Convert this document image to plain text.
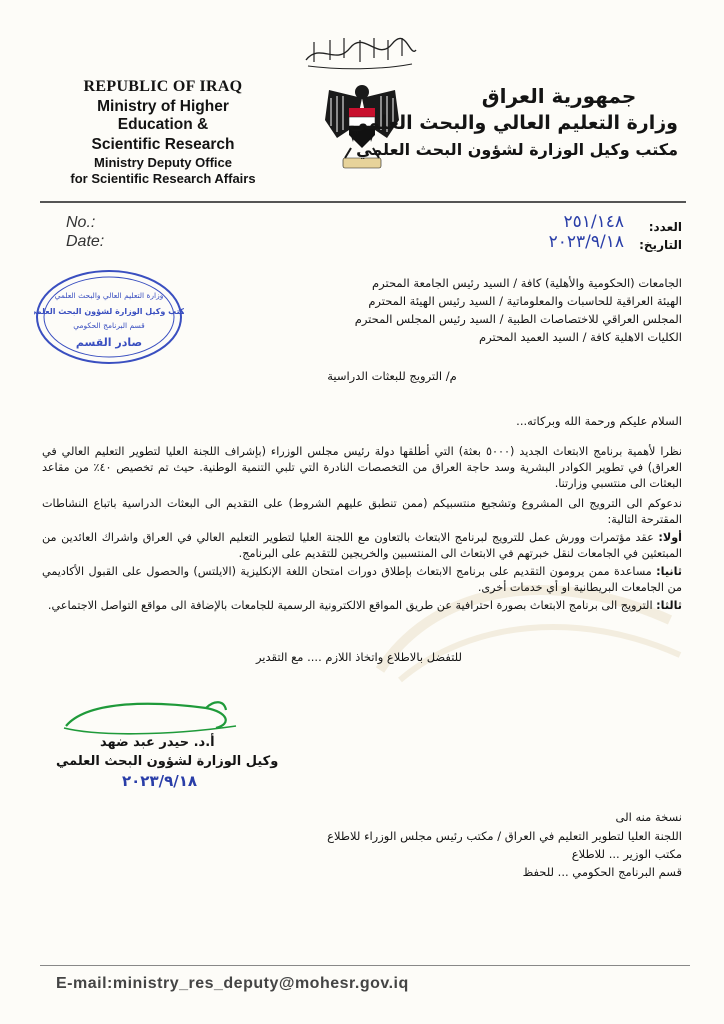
REPUBLIC OF IRAQ
Ministry of Higher Education &
Scientific Research
Ministry Deputy Office
for Scientific Research Affairs
جمهورية العراق
وزارة التعليم العالي والبحث العلمي
مكتب وكيل الوزارة لشؤون البحث العلمي
No.:
Date:
العدد:
التاريخ:
٢٥١/١٤٨
٢٠٢٣/٩/١٨
وزارة التعليم العالي والبحث العلمي
مكتب وكيل الوزارة لشؤون البحث العلمي
قسم البرنامج الحكومي
صادر القسم
الجامعات (الحكومية والأهلية) كافة / السيد رئيس الجامعة المحترم
الهيئة العراقية للحاسبات والمعلوماتية / السيد رئيس الهيئة المحترم
المجلس العراقي للاختصاصات الطبية / السيد رئيس المجلس المحترم
الكليات الاهلية كافة / السيد العميد المحترم
م/ الترويج للبعثات الدراسية
السلام عليكم ورحمة الله وبركاته...
نظرا لأهمية برنامج الابتعاث الجديد (٥٠٠٠ بعثة) التي أطلقها دولة رئيس مجلس الوزراء (بإشراف اللجنة العليا لتطوير التعليم العالي في العراق) في تطوير الكوادر البشرية وسد حاجة العراق من التخصصات النادرة التي تلبي التنمية الوطنية. حيث تم تخصيص ٤٠٪ من مقاعد البعثات الى منتسبي وزارتنا.
ندعوكم الى الترويج الى المشروع وتشجيع منتسبيكم (ممن تنطبق عليهم الشروط) على التقديم الى البعثات الدراسية باتباع النشاطات المقترحة التالية:
أولا: عقد مؤتمرات وورش عمل للترويج لبرنامج الابتعاث بالتعاون مع اللجنة العليا لتطوير التعليم العالي في العراق واشراك العائدين من المبتعثين في الجامعات لنقل خبرتهم في الابتعاث الى المنتسبين والخريجين للتقديم على البرنامج.
ثانيا: مساعدة ممن يرومون التقديم على برنامج الابتعاث بإطلاق دورات امتحان اللغة الإنكليزية (الايلتس) والحصول على القبول الأكاديمي من الجامعات البريطانية او أي خدمات أخرى.
ثالثا: الترويج الى برنامج الابتعاث بصورة احترافية عن طريق المواقع الالكترونية الرسمية للجامعات بالإضافة الى مواقع التواصل الاجتماعي.
للتفضل بالاطلاع واتخاذ اللازم .... مع التقدير
أ.د. حيدر عبد ضهد
وكيل الوزارة لشؤون البحث العلمي
٢٠٢٣/٩/١٨
نسخة منه الى
اللجنة العليا لتطوير التعليم في العراق / مكتب رئيس مجلس الوزراء للاطلاع
مكتب الوزير ... للاطلاع
قسم البرنامج الحكومي ... للحفظ
E-mail:ministry_res_deputy@mohesr.gov.iq
